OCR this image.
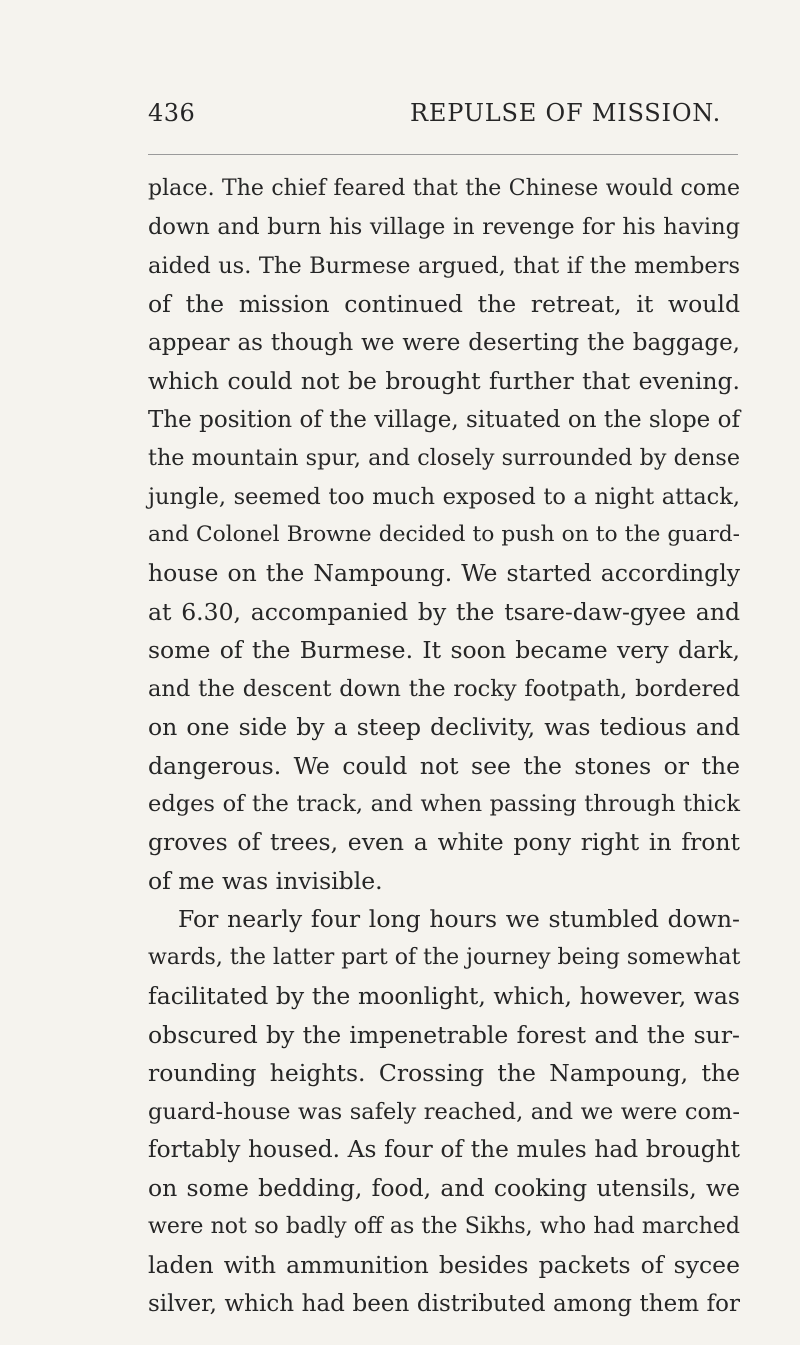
436	REPULSE OF MISSION.
place. The chief feared that the Chinese would come
down and burn his village in revenge for his having
aided us. The Burmese argued, that if the members
of the mission continued the retreat, it would
appear as though we were deserting the baggage,
which could not be brought further that evening.
The position of the village, situated on the slope of
the mountain spur, and closely surrounded by dense
jungle, seemed too much exposed to a night attack,
and Colonel Browne decided to push on to the guard-
house on the Nampoung. We started accordingly
at 6.30, accompanied by the tsare-daw-gyee and
some of the Burmese. It soon became very dark,
and the descent down the rocky footpath, bordered
on one side by a steep declivity, was tedious and
dangerous. We could not see the stones or the
edges of the track, and when passing through thick
groves of trees, even a white pony right in front
of me was invisible.
For nearly four long hours we stumbled down-
wards, the latter part of the journey being somewhat
facilitated by the moonlight, which, however, was
obscured by the impenetrable forest and the sur-
rounding heights. Crossing the Nampoung, the
guard-house was safely reached, and we were com-
fortably housed. As four of the mules had brought
on some bedding, food, and cooking utensils, we
were not so badly off as the Sikhs, who had marched
laden with ammunition besides packets of sycee
silver, which had been distributed among them for
